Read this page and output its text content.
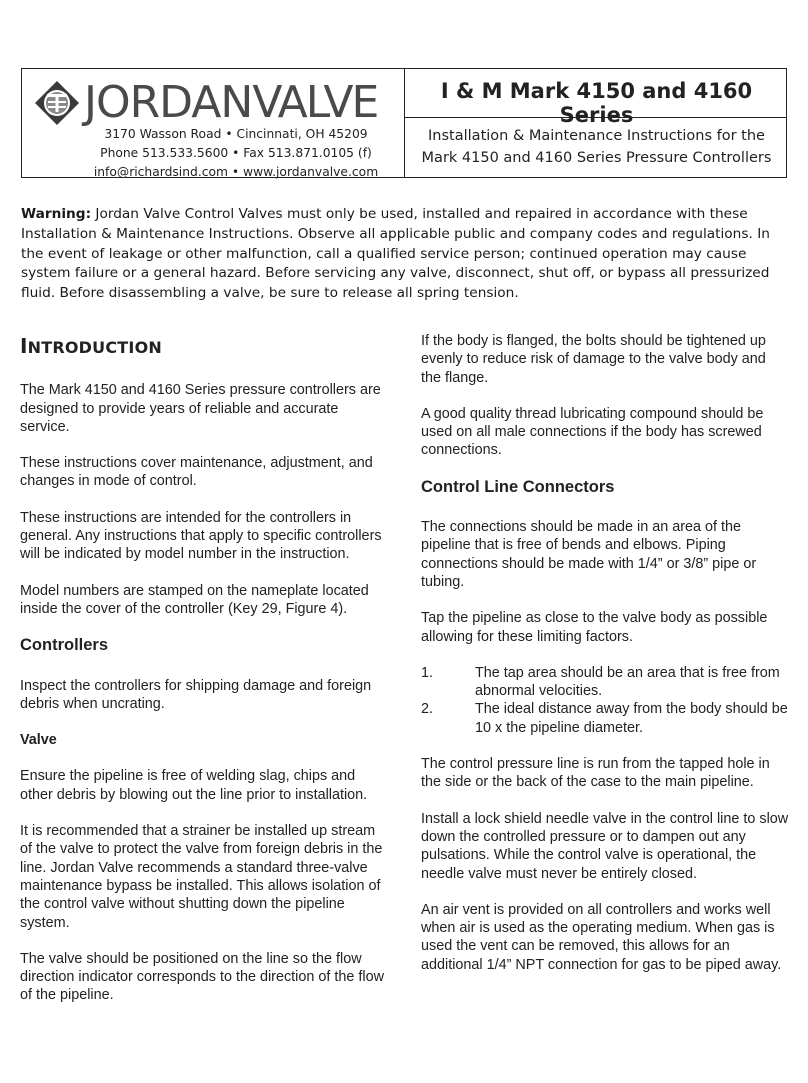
JORDANVALVE
3170 Wasson Road • Cincinnati, OH 45209
Phone 513.533.5600 • Fax 513.871.0105 (f)
info@richardsind.com • www.jordanvalve.com
I & M Mark 4150 and 4160 Series
Installation & Maintenance Instructions for the
Mark 4150 and 4160 Series Pressure Controllers
Warning: Jordan Valve Control Valves must only be used, installed and repaired in accordance with these Installation & Maintenance Instructions. Observe all applicable public and company codes and regulations. In the event of leakage or other malfunction, call a qualified service person; continued operation may cause system failure or a general hazard. Before servicing any valve, disconnect, shut off, or bypass all pressurized fluid. Before disassembling a valve, be sure to release all spring tension.
INTRODUCTION

The Mark 4150 and 4160 Series pressure controllers are designed to provide years of reliable and accurate service.

These instructions cover maintenance, adjustment, and changes in mode of control.

These instructions are intended for the controllers in general. Any instructions that apply to specific controllers will be indicated by model number in the instruction.

Model numbers are stamped on the nameplate located inside the cover of the controller (Key 29, Figure 4).

Controllers

Inspect the controllers for shipping damage and foreign debris when uncrating.

Valve

Ensure the pipeline is free of welding slag, chips and other debris by blowing out the line prior to installation.

It is recommended that a strainer be installed up stream of the valve to protect the valve from foreign debris in the line. Jordan Valve recommends a standard three-valve maintenance bypass be installed. This allows isolation of the control valve without shutting down the pipeline system.

The valve should be positioned on the line so the flow direction indicator corresponds to the direction of the flow of the pipeline.

If the body is flanged, the bolts should be tightened up evenly to reduce risk of damage to the valve body and the flange.

A good quality thread lubricating compound should be used on all male connections if the body has screwed connections.

Control Line Connectors

The connections should be made in an area of the pipeline that is free of bends and elbows. Piping connections should be made with 1/4” or 3/8” pipe or tubing.

Tap the pipeline as close to the valve body as possible allowing for these limiting factors.

1.	The tap area should be an area that is free from abnormal velocities.
2.	The ideal distance away from the body should be 10 x the pipeline diameter.

The control pressure line is run from the tapped hole in the side or the back of the case to the main pipeline.

Install a lock shield needle valve in the control line to slow down the controlled pressure or to dampen out any pulsations. While the control valve is operational, the needle valve must never be entirely closed.

An air vent is provided on all controllers and works well when air is used as the operating medium. When gas is used the vent can be removed, this allows for an additional 1/4” NPT connection for gas to be piped away.
